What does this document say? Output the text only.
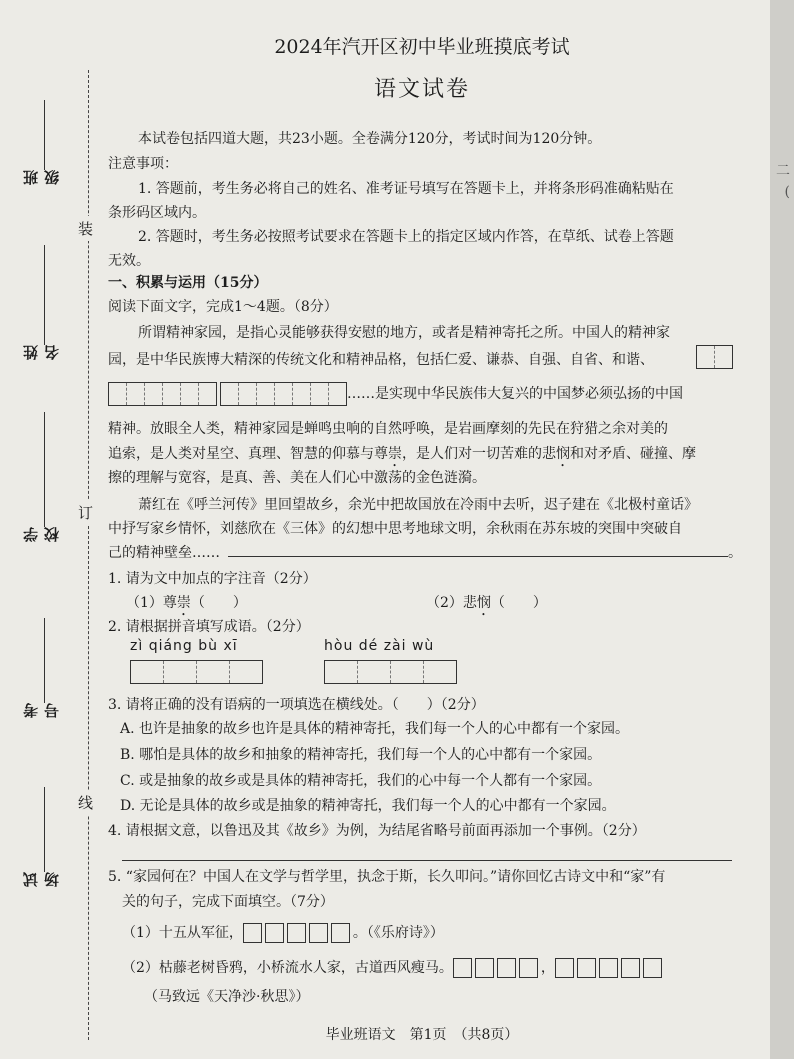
装
订
线
班级
姓名
学校
考号
试场
2024年汽开区初中毕业班摸底考试
语文试卷
本试卷包括四道大题，共23小题。全卷满分120分，考试时间为120分钟。
注意事项：
1. 答题前，考生务必将自己的姓名、准考证号填写在答题卡上，并将条形码准确粘贴在
条形码区域内。
2. 答题时，考生务必按照考试要求在答题卡上的指定区域内作答，在草纸、试卷上答题
无效。
一、积累与运用（15分）
阅读下面文字，完成1～4题。（8分）
所谓精神家园，是指心灵能够获得安慰的地方，或者是精神寄托之所。中国人的精神家
园，是中华民族博大精深的传统文化和精神品格，包括仁爱、谦恭、自强、自省、和谐、
……是实现中华民族伟大复兴的中国梦必须弘扬的中国
精神。放眼全人类，精神家园是蝉鸣虫响的自然呼唤，是岩画摩刻的先民在狩猎之余对美的
追索，是人类对星空、真理、智慧的仰慕与尊崇，是人们对一切苦难的悲悯和对矛盾、碰撞、摩
擦的理解与宽容，是真、善、美在人们心中激荡的金色涟漪。
萧红在《呼兰河传》里回望故乡，余光中把故国放在冷雨中去听，迟子建在《北极村童话》
中抒写家乡情怀，刘慈欣在《三体》的幻想中思考地球文明，余秋雨在苏东坡的突围中突破自
己的精神壁垒……	。
1. 请为文中加点的字注音（2分）
（1）尊崇（　　）	（2）悲悯（　　）
2. 请根据拼音填写成语。（2分）
zì qiáng bù xī	hòu dé zài wù
3. 请将正确的没有语病的一项填选在横线处。（　　）（2分）
A. 也许是抽象的故乡也许是具体的精神寄托，我们每一个人的心中都有一个家园。
B. 哪怕是具体的故乡和抽象的精神寄托，我们每一个人的心中都有一个家园。
C. 或是抽象的故乡或是具体的精神寄托，我们的心中每一个人都有一个家园。
D. 无论是具体的故乡或是抽象的精神寄托，我们每一个人的心中都有一个家园。
4. 请根据文意，以鲁迅及其《故乡》为例，为结尾省略号前面再添加一个事例。（2分）
5. “家园何在？中国人在文学与哲学里，执念于斯，长久叩问。”请你回忆古诗文中和“家”有
关的句子，完成下面填空。（7分）
（1）十五从军征，	。（《乐府诗》）
（2）枯藤老树昏鸦，小桥流水人家，古道西风瘦马。	，
（马致远《天净沙·秋思》）
毕业班语文　第1页　（共8页）
二
(
